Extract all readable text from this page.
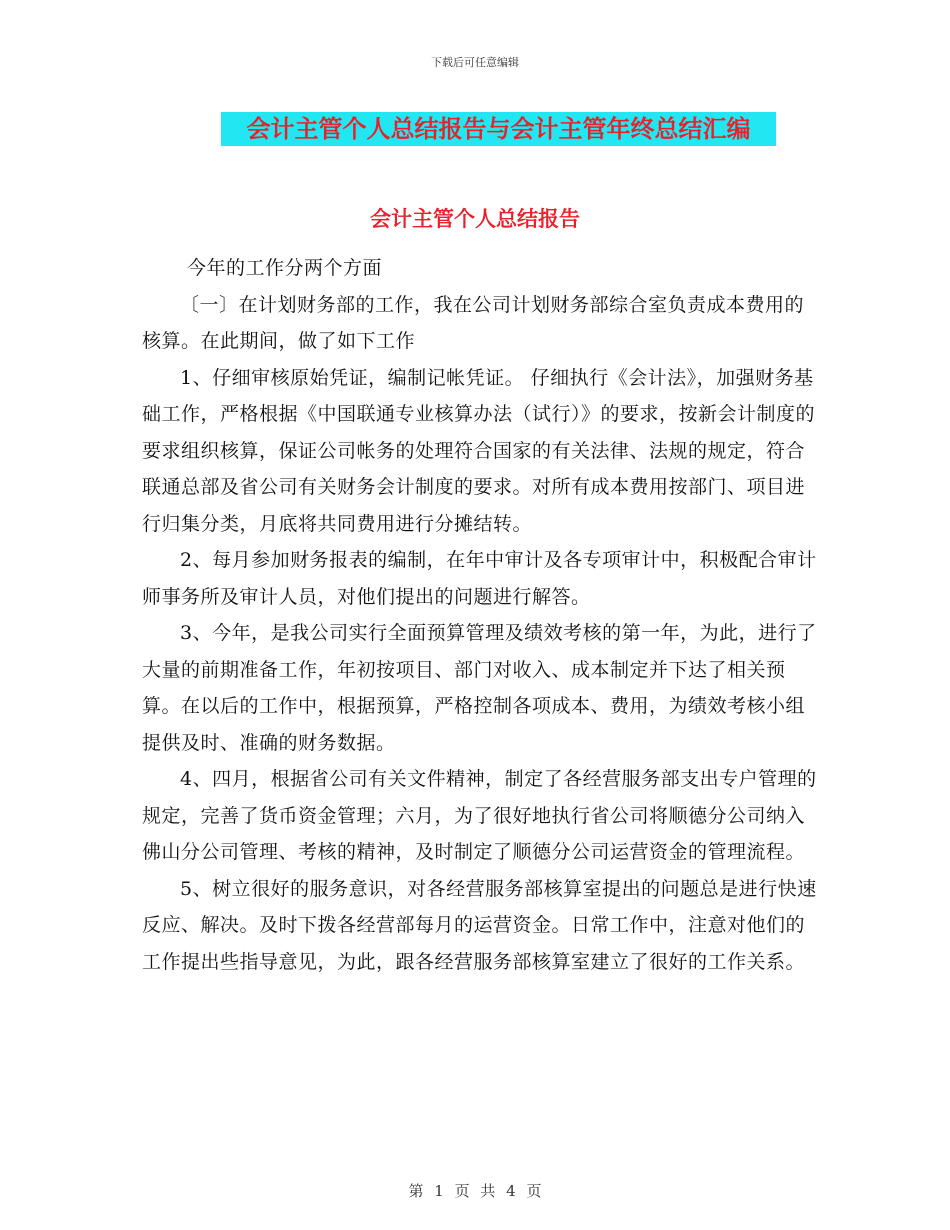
下载后可任意编辑
会计主管个人总结报告与会计主管年终总结汇编
会计主管个人总结报告

今年的工作分两个方面

〔一〕在计划财务部的工作，我在公司计划财务部综合室负责成本费用的核算。在此期间，做了如下工作

1、仔细审核原始凭证，编制记帐凭证。 仔细执行《会计法》，加强财务基础工作，严格根据《中国联通专业核算办法（试行）》的要求，按新会计制度的要求组织核算，保证公司帐务的处理符合国家的有关法律、法规的规定，符合联通总部及省公司有关财务会计制度的要求。对所有成本费用按部门、项目进行归集分类，月底将共同费用进行分摊结转。

2、每月参加财务报表的编制，在年中审计及各专项审计中，积极配合审计师事务所及审计人员，对他们提出的问题进行解答。

3、今年，是我公司实行全面预算管理及绩效考核的第一年，为此，进行了大量的前期准备工作，年初按项目、部门对收入、成本制定并下达了相关预算。在以后的工作中，根据预算，严格控制各项成本、费用，为绩效考核小组提供及时、准确的财务数据。

4、四月，根据省公司有关文件精神，制定了各经营服务部支出专户管理的规定，完善了货币资金管理；六月，为了很好地执行省公司将顺德分公司纳入佛山分公司管理、考核的精神，及时制定了顺德分公司运营资金的管理流程。

5、树立很好的服务意识，对各经营服务部核算室提出的问题总是进行快速反应、解决。及时下拨各经营部每月的运营资金。日常工作中，注意对他们的工作提出些指导意见，为此，跟各经营服务部核算室建立了很好的工作关系。

第 1 页 共 4 页
